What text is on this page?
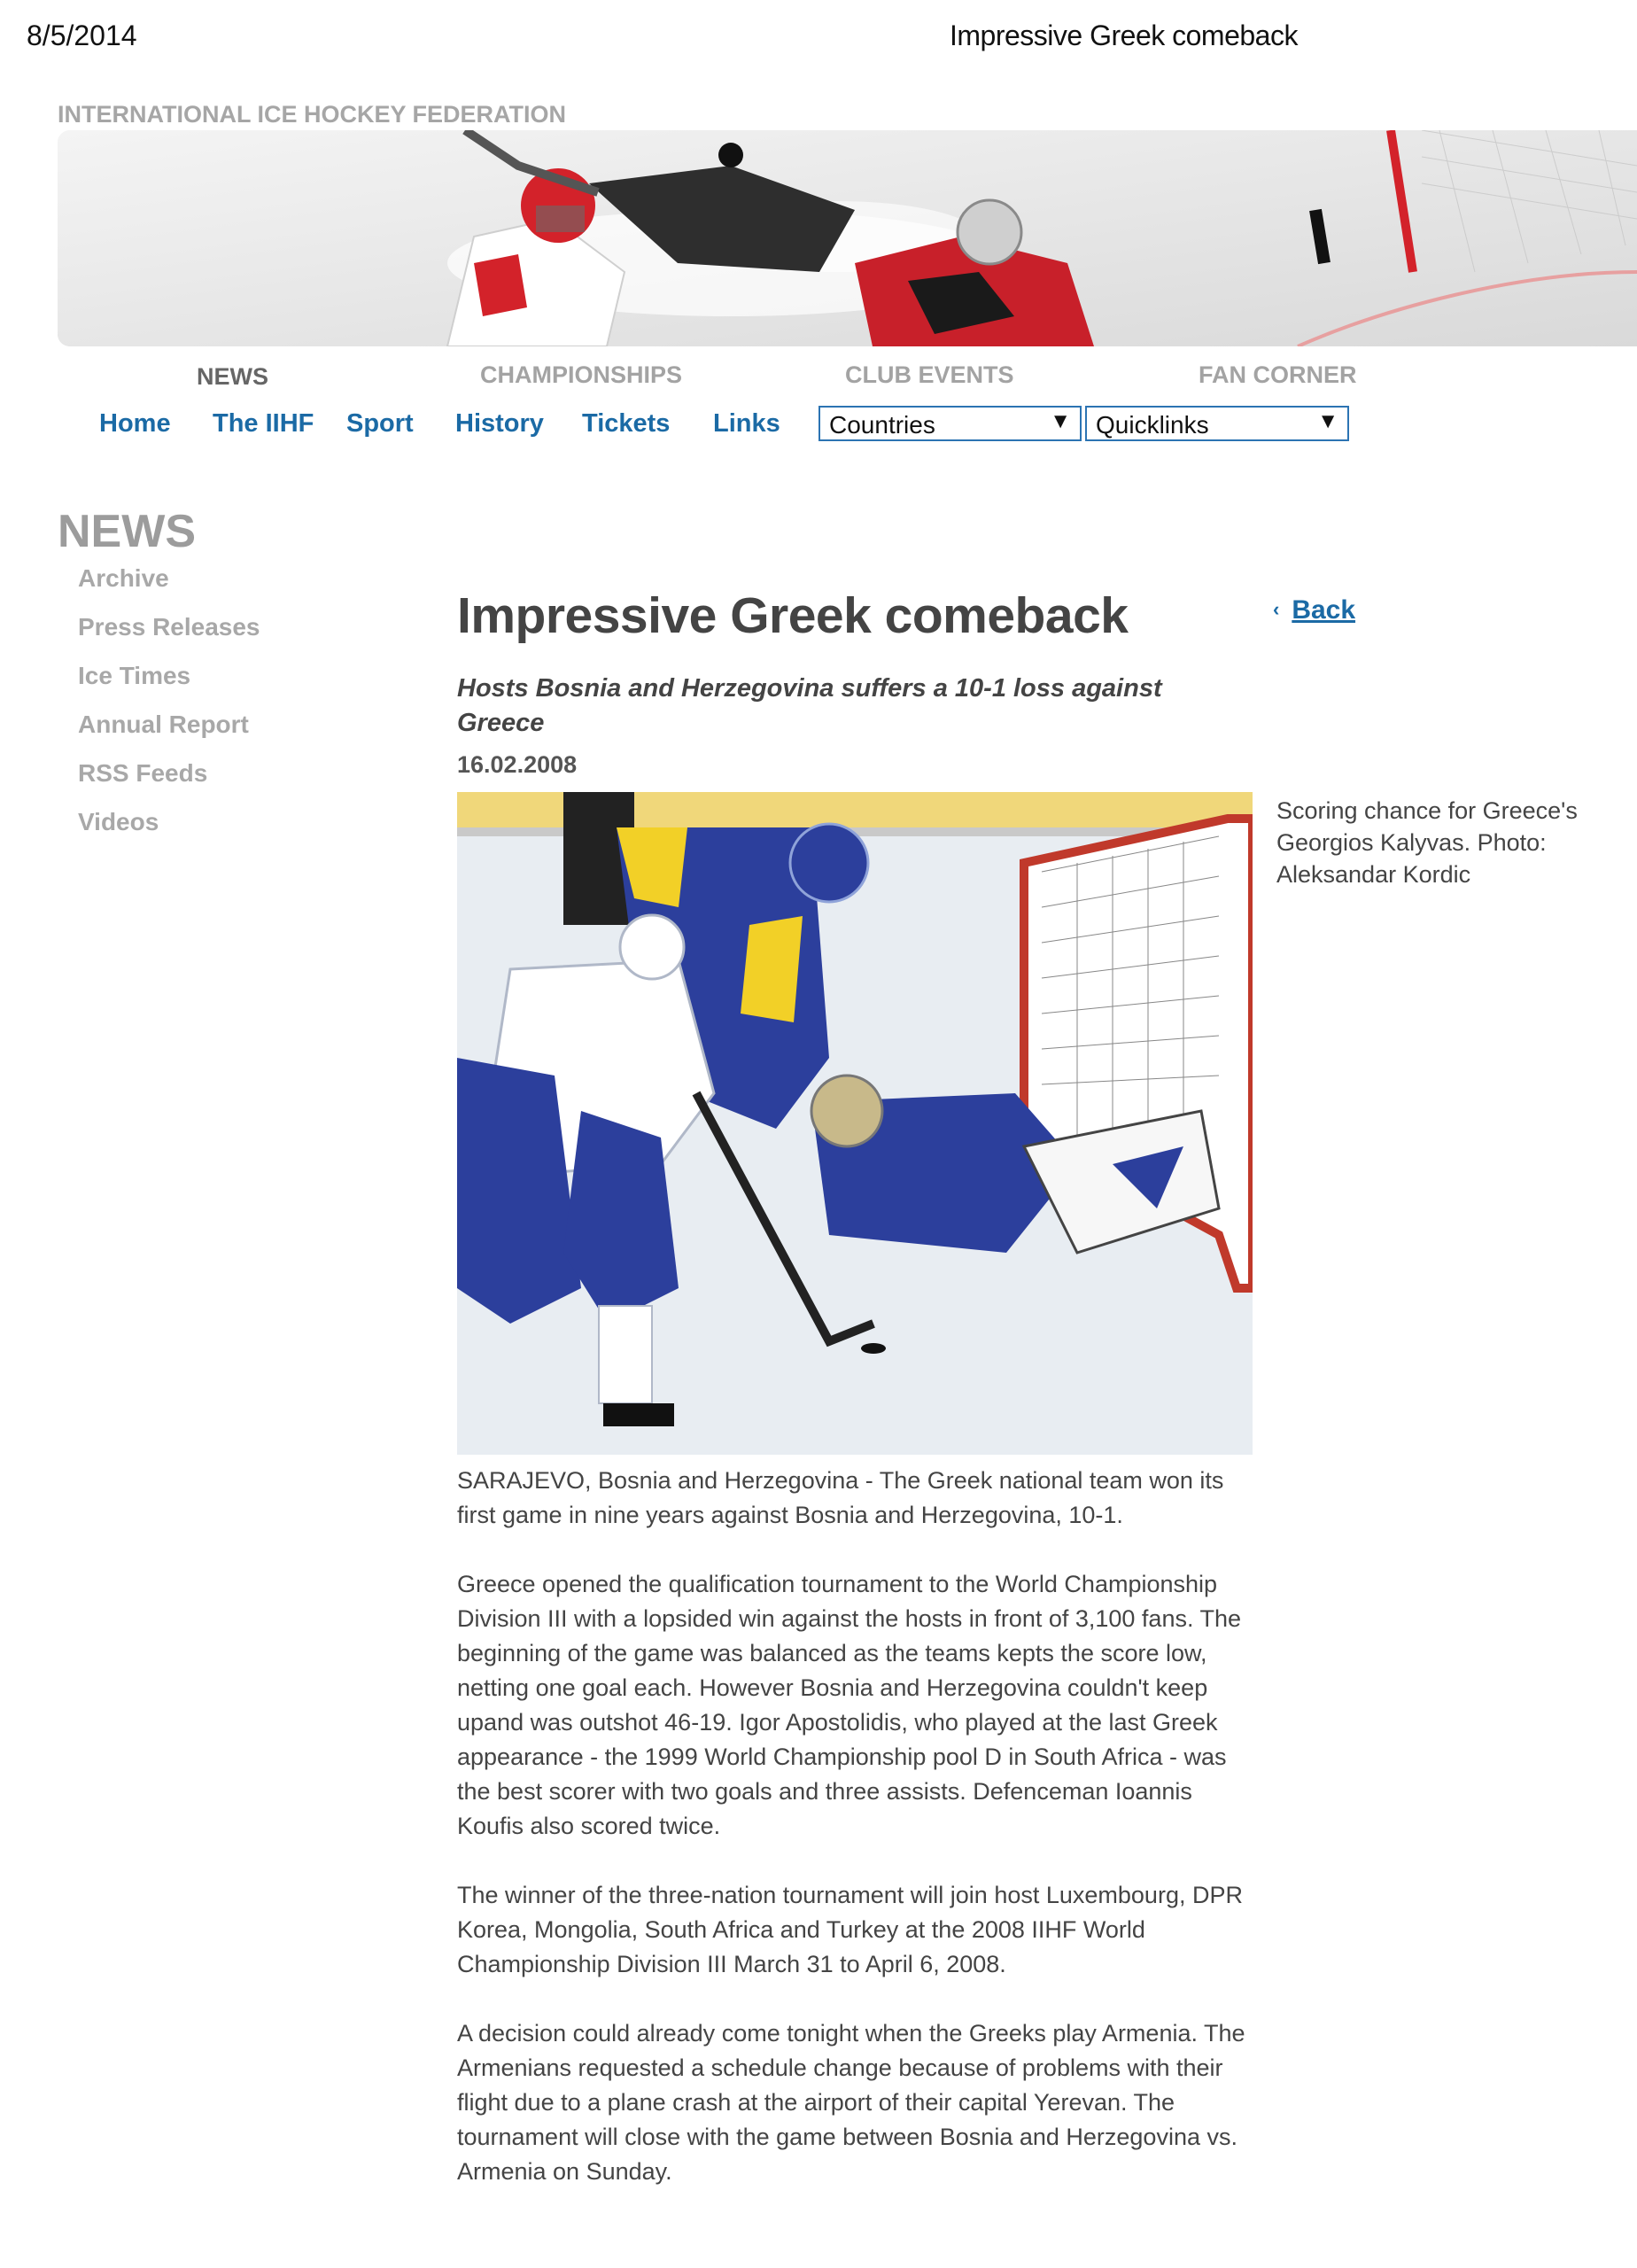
8/5/2014	Impressive Greek comeback
INTERNATIONAL ICE HOCKEY FEDERATION
NEWS	CHAMPIONSHIPS	CLUB EVENTS	FAN CORNER
Home The IIHF Sport History Tickets Links	Countries	▼	Quicklinks	▼
NEWS
Archive
Press Releases
Ice Times
Annual Report
RSS Feeds
Videos
Impressive Greek comeback	‹ Back
Hosts Bosnia and Herzegovina suffers a 10-1 loss against Greece
16.02.2008
Scoring chance for Greece's Georgios Kalyvas. Photo: Aleksandar Kordic

SARAJEVO, Bosnia and Herzegovina - The Greek national team won its first game in nine years against Bosnia and Herzegovina, 10-1.

Greece opened the qualification tournament to the World Championship Division III with a lopsided win against the hosts in front of 3,100 fans. The beginning of the game was balanced as the teams kepts the score low, netting one goal each. However Bosnia and Herzegovina couldn't keep upand was outshot 46-19. Igor Apostolidis, who played at the last Greek appearance - the 1999 World Championship pool D in South Africa - was the best scorer with two goals and three assists. Defenceman Ioannis Koufis also scored twice.

The winner of the three-nation tournament will join host Luxembourg, DPR Korea, Mongolia, South Africa and Turkey at the 2008 IIHF World Championship Division III March 31 to April 6, 2008.

A decision could already come tonight when the Greeks play Armenia. The Armenians requested a schedule change because of problems with their flight due to a plane crash at the airport of their capital Yerevan. The tournament will close with the game between Bosnia and Herzegovina vs. Armenia on Sunday.
